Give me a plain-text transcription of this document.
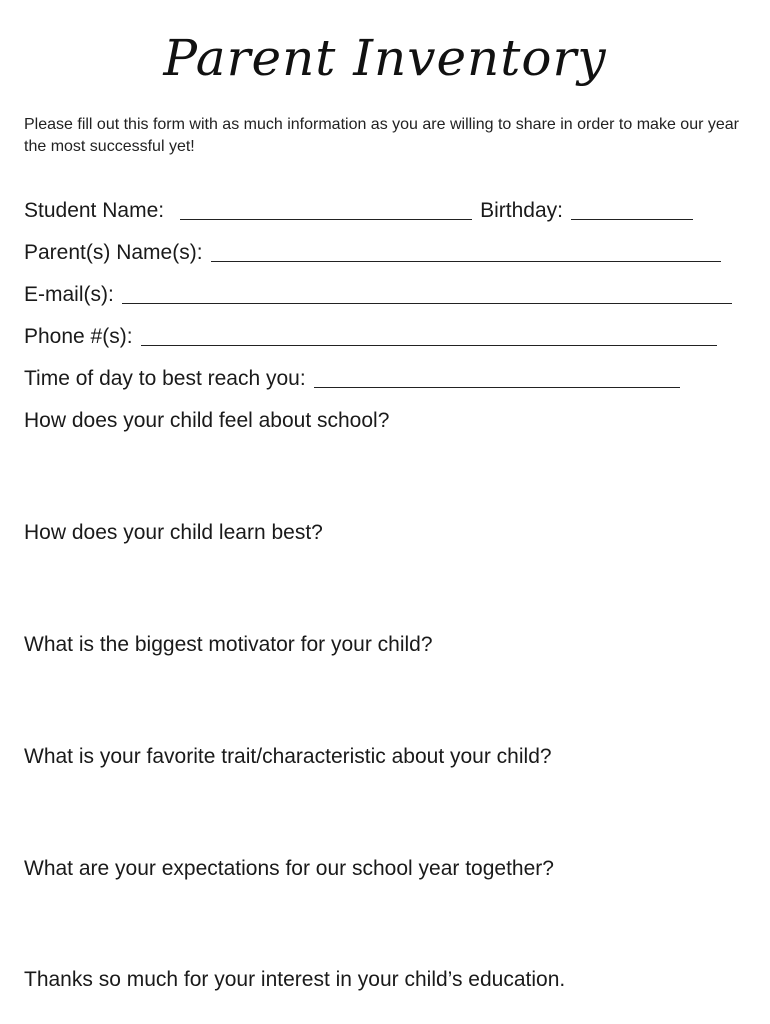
Parent Inventory
Please fill out this form with as much information as you are willing to share in order to make our year the most successful yet!
Student Name:	Birthday:
Parent(s) Name(s):
E-mail(s):
Phone #(s):
Time of day to best reach you:
How does your child feel about school?
How does your child learn best?
What is the biggest motivator for your child?
What is your favorite trait/characteristic about your child?
What are your expectations for our school year together?
Thanks so much for your interest in your child’s education.
